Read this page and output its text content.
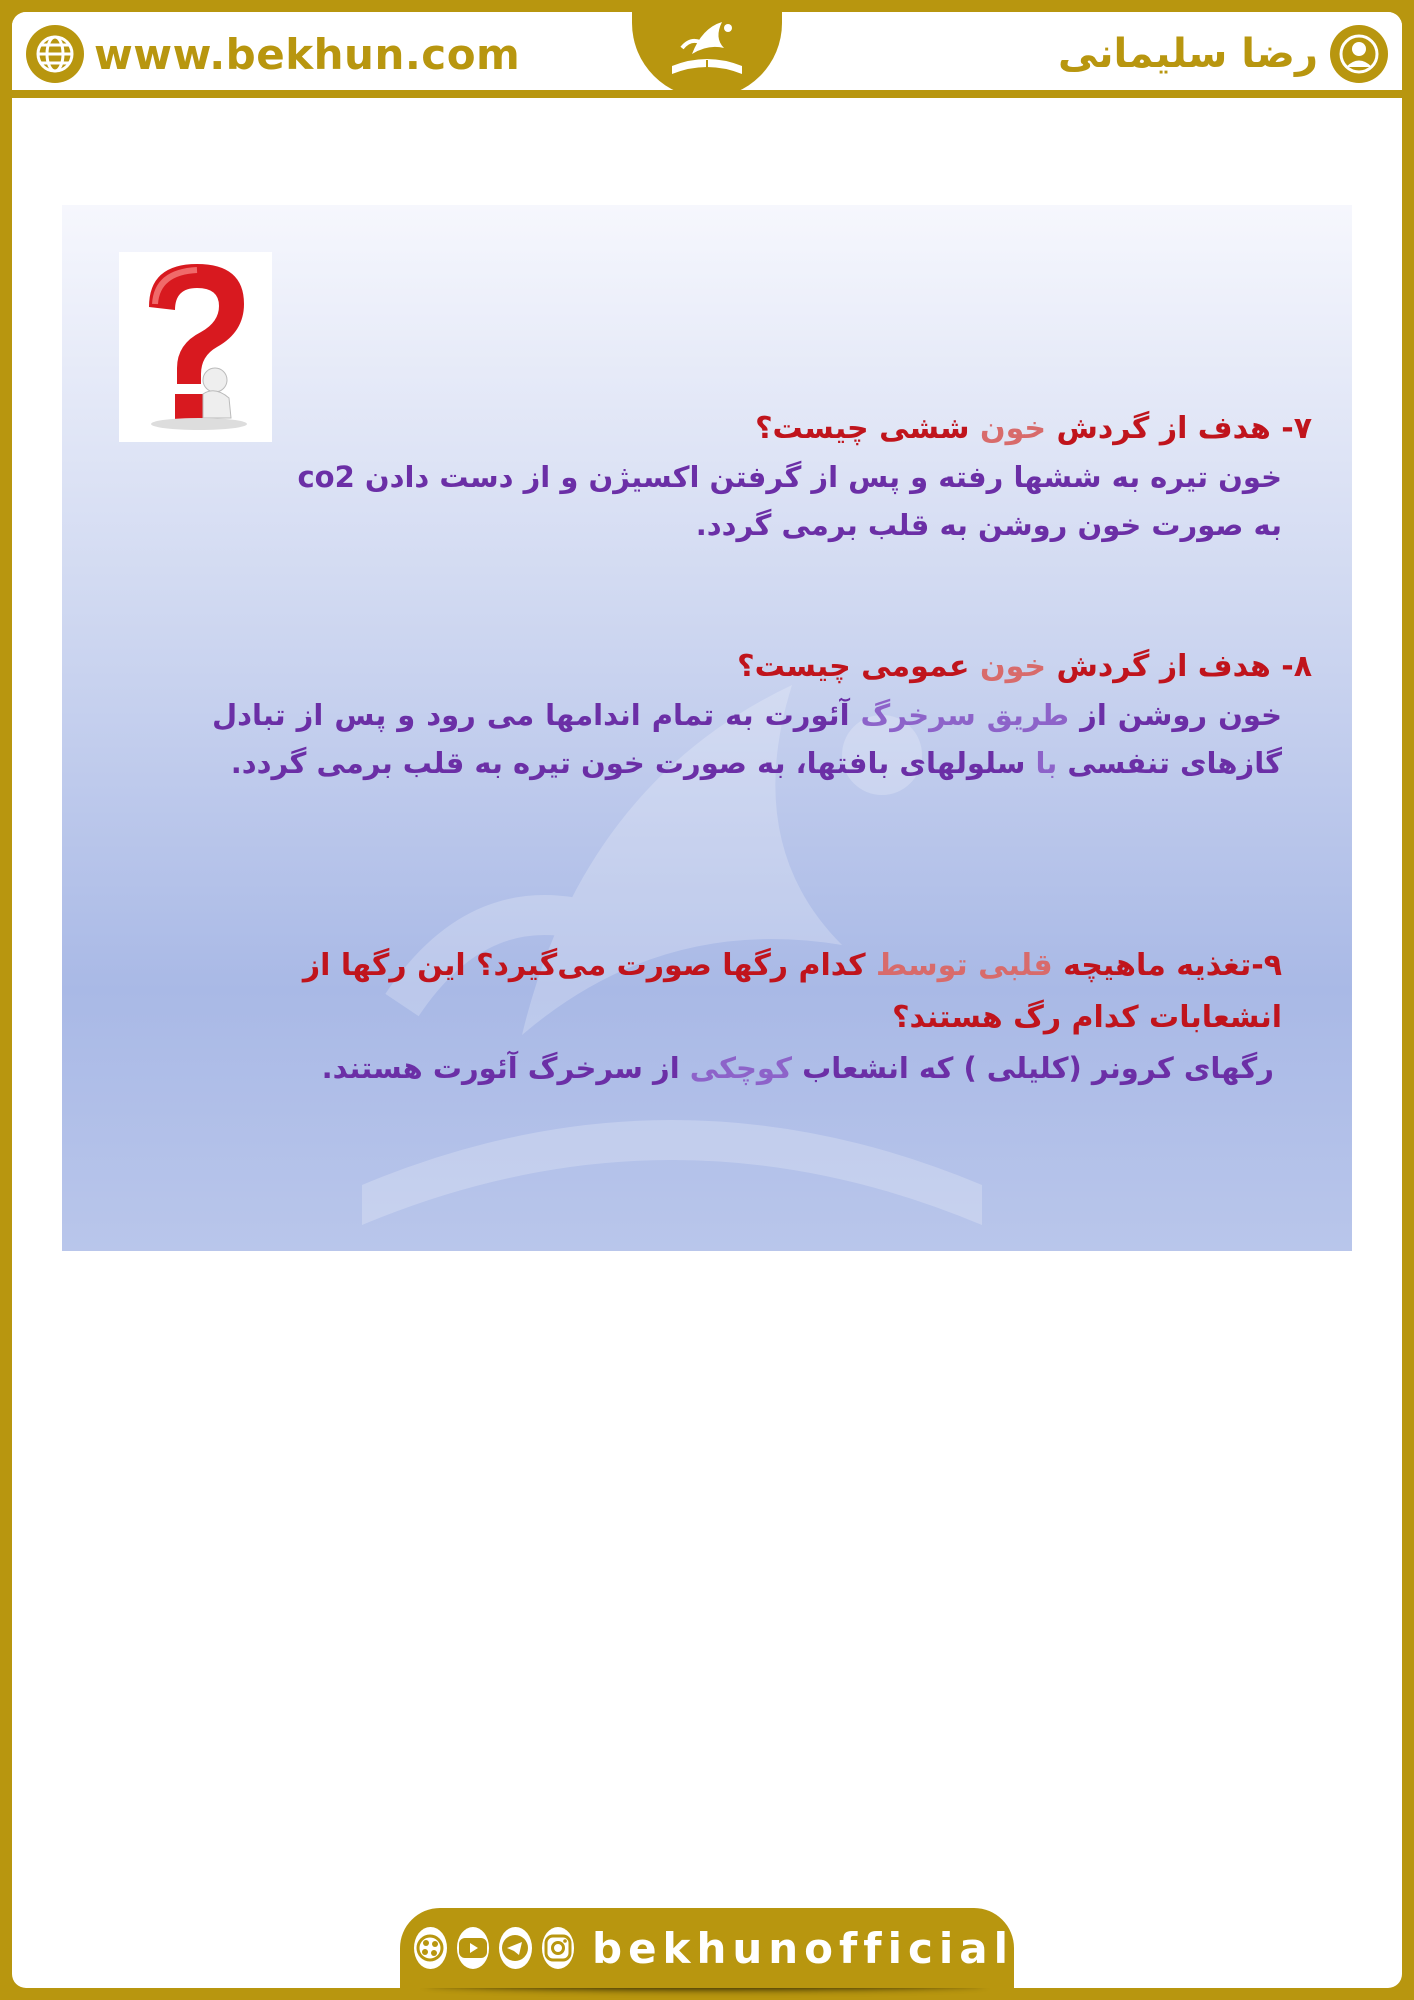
www.bekhun.com	رضا سلیمانی
۷- هدف از گردش خون ششی چیست؟
خون تیره به ششها رفته و پس از گرفتن اکسیژن و از دست دادن co2
به صورت خون روشن به قلب برمی گردد.
۸- هدف از گردش خون عمومی چیست؟
خون روشن از طریق سرخرگ آئورت به تمام اندامها می رود و پس از تبادل گازهای تنفسی با سلولهای بافتها، به صورت خون تیره به قلب برمی گردد.
۹-تغذیه ماهیچه قلبی توسط کدام رگها صورت می‌گیرد؟ این رگها از انشعابات کدام رگ هستند؟
رگهای کرونر (کلیلی ) که انشعاب کوچکی از سرخرگ آئورت هستند.
bekhunofficial
